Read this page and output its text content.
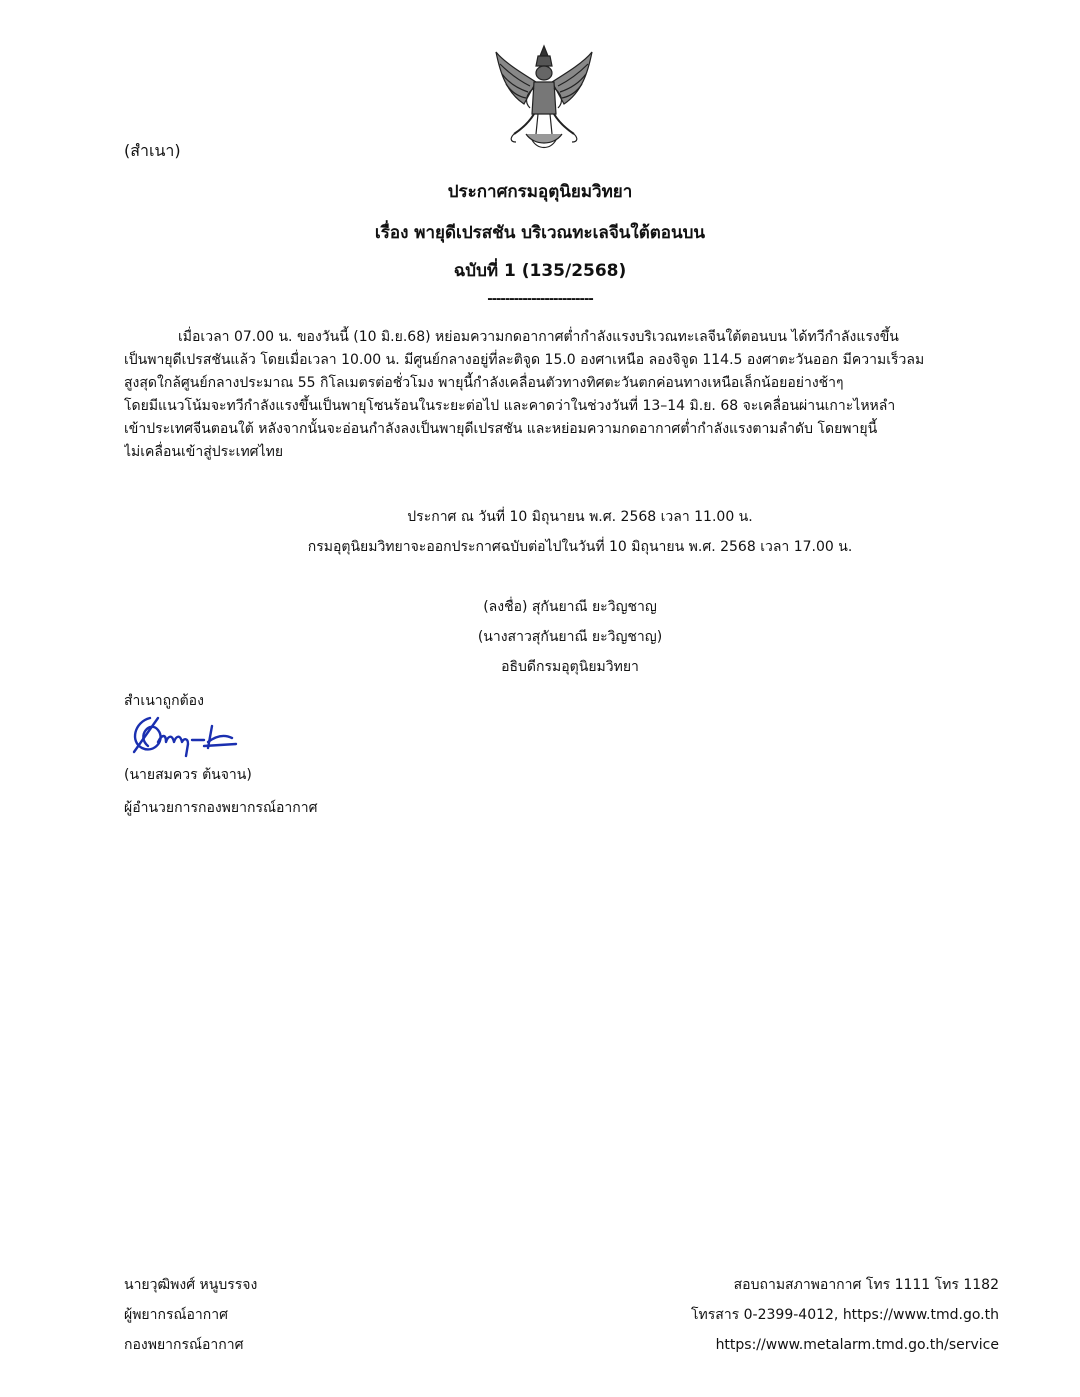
(สำเนา)
ประกาศกรมอุตุนิยมวิทยา
เรื่อง พายุดีเปรสชัน บริเวณทะเลจีนใต้ตอนบน
ฉบับที่ 1 (135/2568)
------------------------
เมื่อเวลา 07.00 น. ของวันนี้ (10 มิ.ย.68) หย่อมความกดอากาศต่ำกำลังแรงบริเวณทะเลจีนใต้ตอนบน ได้ทวีกำลังแรงขึ้น
เป็นพายุดีเปรสชันแล้ว โดยเมื่อเวลา 10.00 น. มีศูนย์กลางอยู่ที่ละติจูด 15.0 องศาเหนือ ลองจิจูด 114.5 องศาตะวันออก มีความเร็วลม
สูงสุดใกล้ศูนย์กลางประมาณ 55 กิโลเมตรต่อชั่วโมง พายุนี้กำลังเคลื่อนตัวทางทิศตะวันตกค่อนทางเหนือเล็กน้อยอย่างช้าๆ
โดยมีแนวโน้มจะทวีกำลังแรงขึ้นเป็นพายุโซนร้อนในระยะต่อไป และคาดว่าในช่วงวันที่ 13–14 มิ.ย. 68 จะเคลื่อนผ่านเกาะไหหลำ
เข้าประเทศจีนตอนใต้ หลังจากนั้นจะอ่อนกำลังลงเป็นพายุดีเปรสชัน และหย่อมความกดอากาศต่ำกำลังแรงตามลำดับ โดยพายุนี้
ไม่เคลื่อนเข้าสู่ประเทศไทย
ประกาศ ณ วันที่ 10 มิถุนายน พ.ศ. 2568 เวลา 11.00 น.
กรมอุตุนิยมวิทยาจะออกประกาศฉบับต่อไปในวันที่ 10 มิถุนายน พ.ศ. 2568 เวลา 17.00 น.
(ลงชื่อ) สุกันยาณี ยะวิญชาญ
(นางสาวสุกันยาณี ยะวิญชาญ)
อธิบดีกรมอุตุนิยมวิทยา
สำเนาถูกต้อง
(นายสมควร ต้นจาน)
ผู้อำนวยการกองพยากรณ์อากาศ
นายวุฒิพงศ์ หนูบรรจง
ผู้พยากรณ์อากาศ
กองพยากรณ์อากาศ
สอบถามสภาพอากาศ โทร 1111 โทร 1182
โทรสาร 0-2399-4012, https://www.tmd.go.th
https://www.metalarm.tmd.go.th/service
